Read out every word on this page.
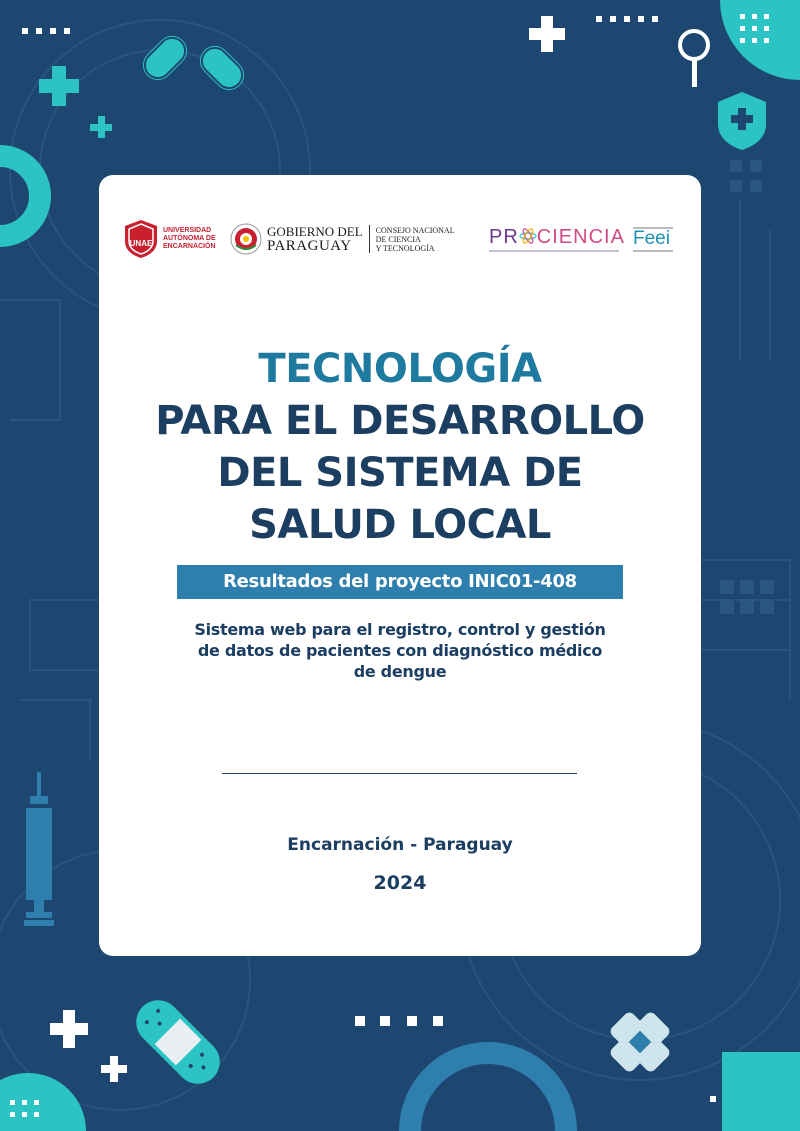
UNAE
UNIVERSIDAD
AUTÓNOMA DE
ENCARNACIÓN
GOBIERNO DEL
PARAGUAY
CONSEJO NACIONAL
DE CIENCIA
Y TECNOLOGÍA	PR CIENCIA Feei
TECNOLOGÍA
PARA EL DESARROLLO
DEL SISTEMA DE
SALUD LOCAL
Resultados del proyecto INIC01-408
Sistema web para el registro, control y gestión
de datos de pacientes con diagnóstico médico
de dengue
Encarnación - Paraguay
2024
